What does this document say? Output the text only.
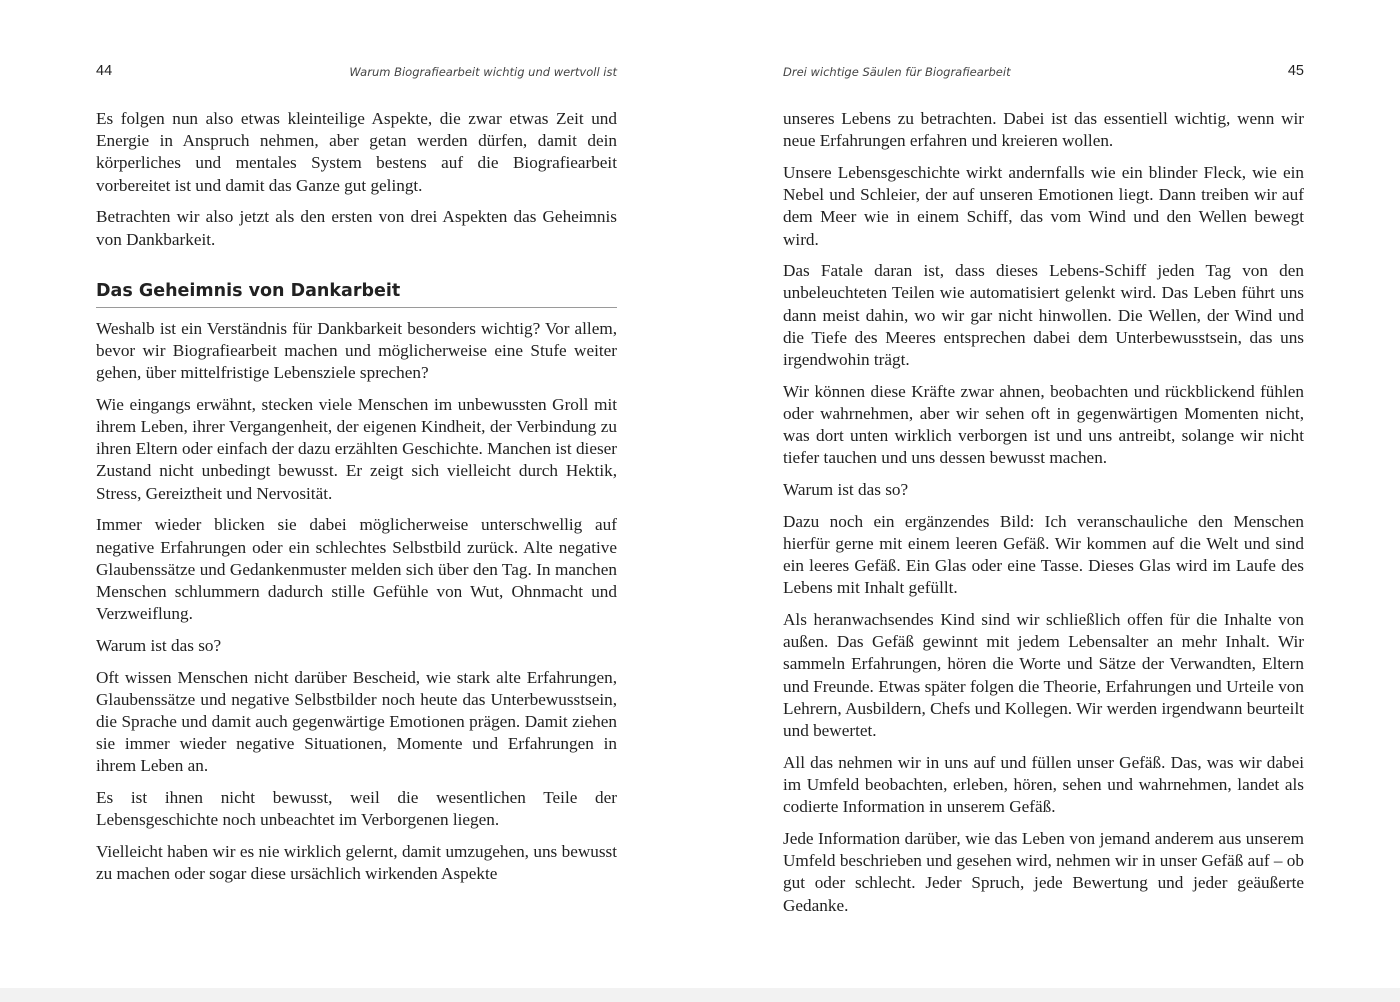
44	Warum Biografiearbeit wichtig und wertvoll ist

Es folgen nun also etwas kleinteilige Aspekte, die zwar etwas Zeit und Energie in Anspruch nehmen, aber getan werden dürfen, damit dein körperliches und mentales System bestens auf die Biografiearbeit vorbereitet ist und damit das Ganze gut gelingt.

Betrachten wir also jetzt als den ersten von drei Aspekten das Geheimnis von Dankbarkeit.

Das Geheimnis von Dankarbeit

Weshalb ist ein Verständnis für Dankbarkeit besonders wichtig? Vor allem, bevor wir Biografiearbeit machen und möglicherweise eine Stufe weiter gehen, über mittelfristige Lebensziele sprechen?

Wie eingangs erwähnt, stecken viele Menschen im unbewussten Groll mit ihrem Leben, ihrer Vergangenheit, der eigenen Kindheit, der Verbindung zu ihren Eltern oder einfach der dazu erzählten Geschichte. Manchen ist dieser Zustand nicht unbedingt bewusst. Er zeigt sich vielleicht durch Hektik, Stress, Gereiztheit und Nervosität.

Immer wieder blicken sie dabei möglicherweise unterschwellig auf negative Erfahrungen oder ein schlechtes Selbstbild zurück. Alte negative Glaubenssätze und Gedankenmuster melden sich über den Tag. In manchen Menschen schlummern dadurch stille Gefühle von Wut, Ohnmacht und Verzweiflung.

Warum ist das so?

Oft wissen Menschen nicht darüber Bescheid, wie stark alte Erfahrungen, Glaubenssätze und negative Selbstbilder noch heute das Unterbewusstsein, die Sprache und damit auch gegenwärtige Emotionen prägen. Damit ziehen sie immer wieder negative Situationen, Momente und Erfahrungen in ihrem Leben an.

Es ist ihnen nicht bewusst, weil die wesentlichen Teile der Lebensgeschichte noch unbeachtet im Verborgenen liegen.

Vielleicht haben wir es nie wirklich gelernt, damit umzugehen, uns bewusst zu machen oder sogar diese ursächlich wirkenden Aspekte

Drei wichtige Säulen für Biografiearbeit	45

unseres Lebens zu betrachten. Dabei ist das essentiell wichtig, wenn wir neue Erfahrungen erfahren und kreieren wollen.

Unsere Lebensgeschichte wirkt andernfalls wie ein blinder Fleck, wie ein Nebel und Schleier, der auf unseren Emotionen liegt. Dann treiben wir auf dem Meer wie in einem Schiff, das vom Wind und den Wellen bewegt wird.

Das Fatale daran ist, dass dieses Lebens-Schiff jeden Tag von den unbeleuchteten Teilen wie automatisiert gelenkt wird. Das Leben führt uns dann meist dahin, wo wir gar nicht hinwollen. Die Wellen, der Wind und die Tiefe des Meeres entsprechen dabei dem Unterbewusstsein, das uns irgendwohin trägt.

Wir können diese Kräfte zwar ahnen, beobachten und rückblickend fühlen oder wahrnehmen, aber wir sehen oft in gegenwärtigen Momenten nicht, was dort unten wirklich verborgen ist und uns antreibt, solange wir nicht tiefer tauchen und uns dessen bewusst machen.

Warum ist das so?

Dazu noch ein ergänzendes Bild: Ich veranschauliche den Menschen hierfür gerne mit einem leeren Gefäß. Wir kommen auf die Welt und sind ein leeres Gefäß. Ein Glas oder eine Tasse. Dieses Glas wird im Laufe des Lebens mit Inhalt gefüllt.

Als heranwachsendes Kind sind wir schließlich offen für die Inhalte von außen. Das Gefäß gewinnt mit jedem Lebensalter an mehr Inhalt. Wir sammeln Erfahrungen, hören die Worte und Sätze der Verwandten, Eltern und Freunde. Etwas später folgen die Theorie, Erfahrungen und Urteile von Lehrern, Ausbildern, Chefs und Kollegen. Wir werden irgendwann beurteilt und bewertet.

All das nehmen wir in uns auf und füllen unser Gefäß. Das, was wir dabei im Umfeld beobachten, erleben, hören, sehen und wahrnehmen, landet als codierte Information in unserem Gefäß.

Jede Information darüber, wie das Leben von jemand anderem aus unserem Umfeld beschrieben und gesehen wird, nehmen wir in unser Gefäß auf – ob gut oder schlecht. Jeder Spruch, jede Bewertung und jeder geäußerte Gedanke.
